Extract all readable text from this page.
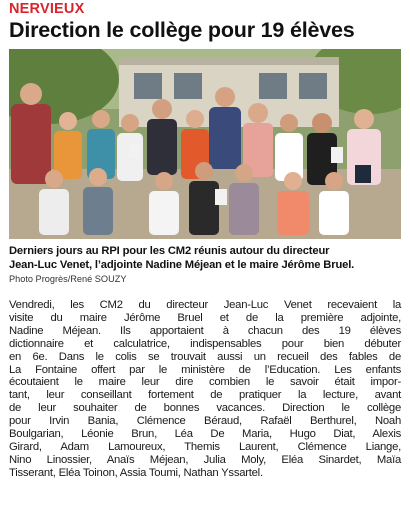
NERVIEUX
Direction le collège pour 19 élèves
Derniers jours au RPI pour les CM2 réunis autour du directeur
Jean-Luc Venet, l’adjointe Nadine Méjean et le maire Jérôme Bruel.
Photo Progrès/René SOUZY
Vendredi, les CM2 du directeur Jean-Luc Venet recevaient la
visite du maire Jérôme Bruel et de la première adjointe,
Nadine Méjean. Ils apportaient à chacun des 19 élèves
dictionnaire et calculatrice, indispensables pour bien débuter
en 6e. Dans le colis se trouvait aussi un recueil des fables de
La Fontaine offert par le ministère de l’Education. Les enfants
écoutaient le maire leur dire combien le savoir était impor-
tant, leur conseillant fortement de pratiquer la lecture, avant
de leur souhaiter de bonnes vacances. Direction le collège
pour Irvin Bania, Clémence Béraud, Rafaël Berthurel, Noah
Boulgarian, Léonie Brun, Léa De Maria, Hugo Diat, Alexis
Girard, Adam Lamoureux, Themis Laurent, Clémence Liange,
Nino Linossier, Anaïs Méjean, Julia Moly, Eléa Sinardet, Maïa
Tisserant, Eléa Toinon, Assia Toumi, Nathan Yssartel.
